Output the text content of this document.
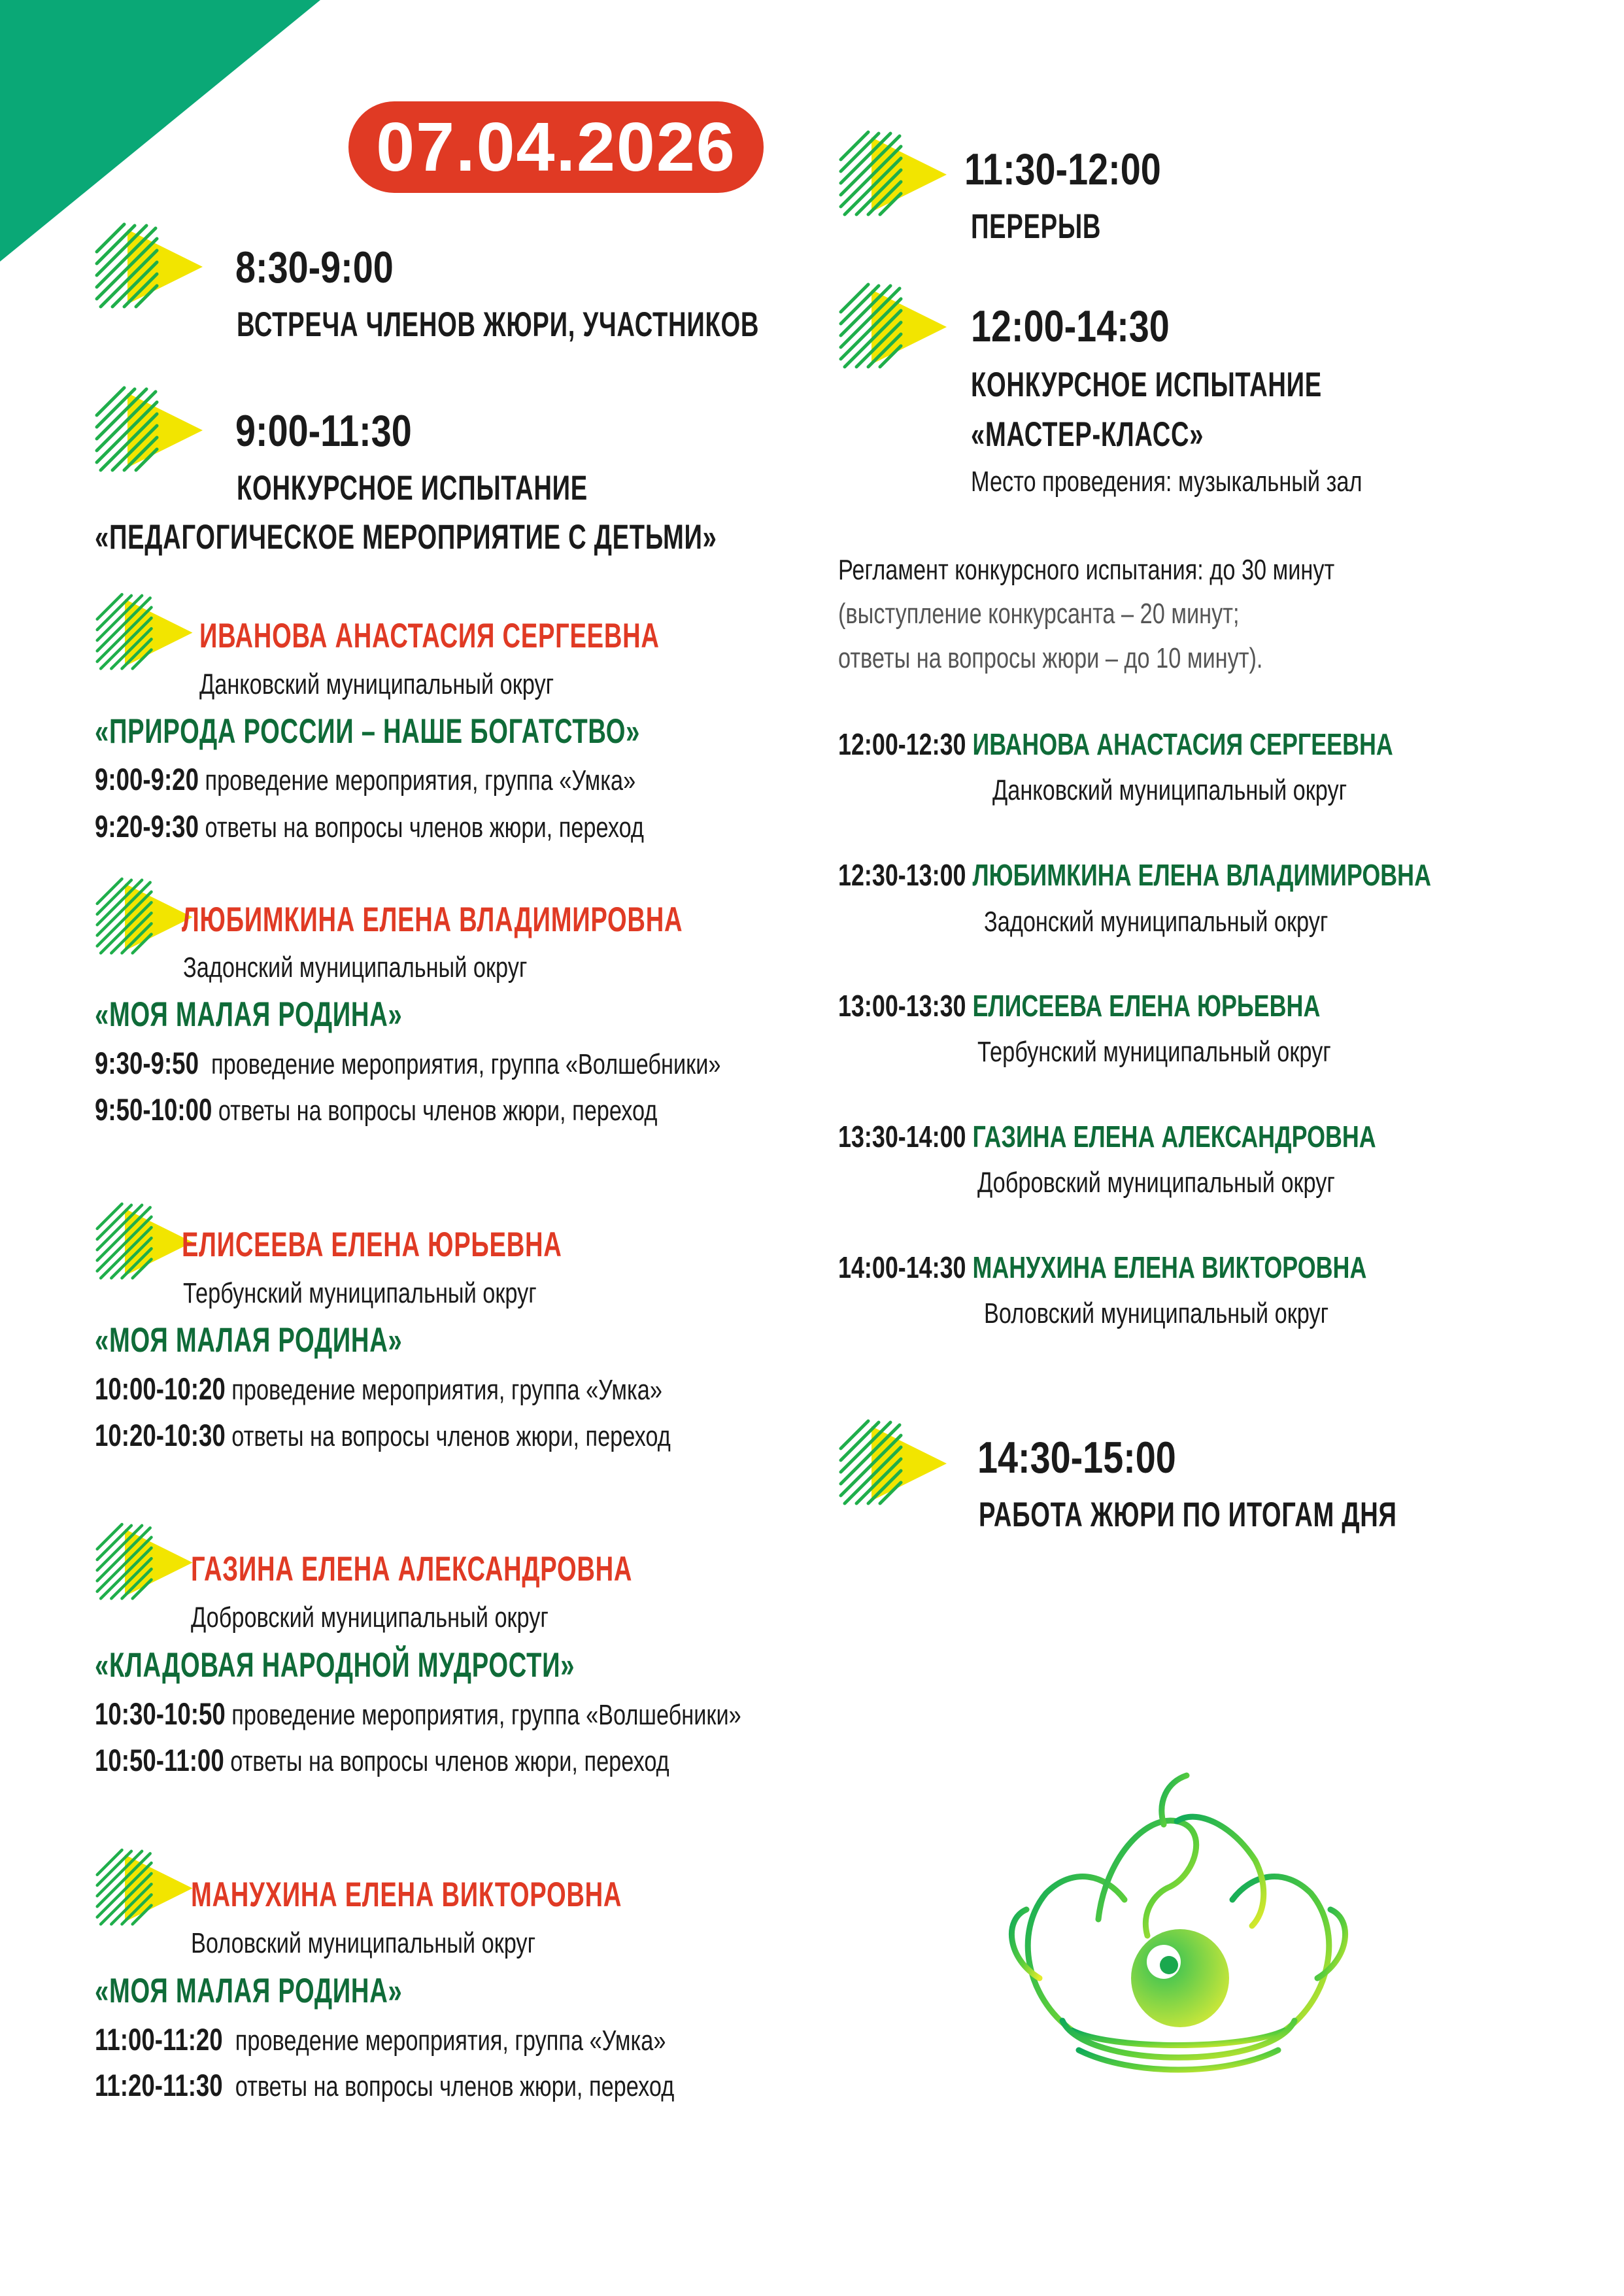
07.04.2026
8:30-9:00
ВСТРЕЧА ЧЛЕНОВ ЖЮРИ, УЧАСТНИКОВ
9:00-11:30
КОНКУРСНОЕ ИСПЫТАНИЕ
«ПЕДАГОГИЧЕСКОЕ МЕРОПРИЯТИЕ С ДЕТЬМИ»
ИВАНОВА АНАСТАСИЯ СЕРГЕЕВНА
Данковский муниципальный округ
«ПРИРОДА РОССИИ – НАШЕ БОГАТСТВО»
9:00-9:20 проведение мероприятия, группа «Умка»
9:20-9:30 ответы на вопросы членов жюри, переход
ЛЮБИМКИНА ЕЛЕНА ВЛАДИМИРОВНА
Задонский муниципальный округ
«МОЯ МАЛАЯ РОДИНА»
9:30-9:50 проведение мероприятия, группа «Волшебники»
9:50-10:00 ответы на вопросы членов жюри, переход
ЕЛИСЕЕВА ЕЛЕНА ЮРЬЕВНА
Тербунский муниципальный округ
«МОЯ МАЛАЯ РОДИНА»
10:00-10:20 проведение мероприятия, группа «Умка»
10:20-10:30 ответы на вопросы членов жюри, переход
ГАЗИНА ЕЛЕНА АЛЕКСАНДРОВНА
Добровский муниципальный округ
«КЛАДОВАЯ НАРОДНОЙ МУДРОСТИ»
10:30-10:50 проведение мероприятия, группа «Волшебники»
10:50-11:00 ответы на вопросы членов жюри, переход
МАНУХИНА ЕЛЕНА ВИКТОРОВНА
Воловский муниципальный округ
«МОЯ МАЛАЯ РОДИНА»
11:00-11:20 проведение мероприятия, группа «Умка»
11:20-11:30 ответы на вопросы членов жюри, переход
11:30-12:00
ПЕРЕРЫВ
12:00-14:30
КОНКУРСНОЕ ИСПЫТАНИЕ
«МАСТЕР-КЛАСС»
Место проведения: музыкальный зал
Регламент конкурсного испытания: до 30 минут
(выступление конкурсанта – 20 минут;
ответы на вопросы жюри – до 10 минут).
12:00-12:30 ИВАНОВА АНАСТАСИЯ СЕРГЕЕВНА
Данковский муниципальный округ
12:30-13:00 ЛЮБИМКИНА ЕЛЕНА ВЛАДИМИРОВНА
Задонский муниципальный округ
13:00-13:30 ЕЛИСЕЕВА ЕЛЕНА ЮРЬЕВНА
Тербунский муниципальный округ
13:30-14:00 ГАЗИНА ЕЛЕНА АЛЕКСАНДРОВНА
Добровский муниципальный округ
14:00-14:30 МАНУХИНА ЕЛЕНА ВИКТОРОВНА
Воловский муниципальный округ
14:30-15:00
РАБОТА ЖЮРИ ПО ИТОГАМ ДНЯ
